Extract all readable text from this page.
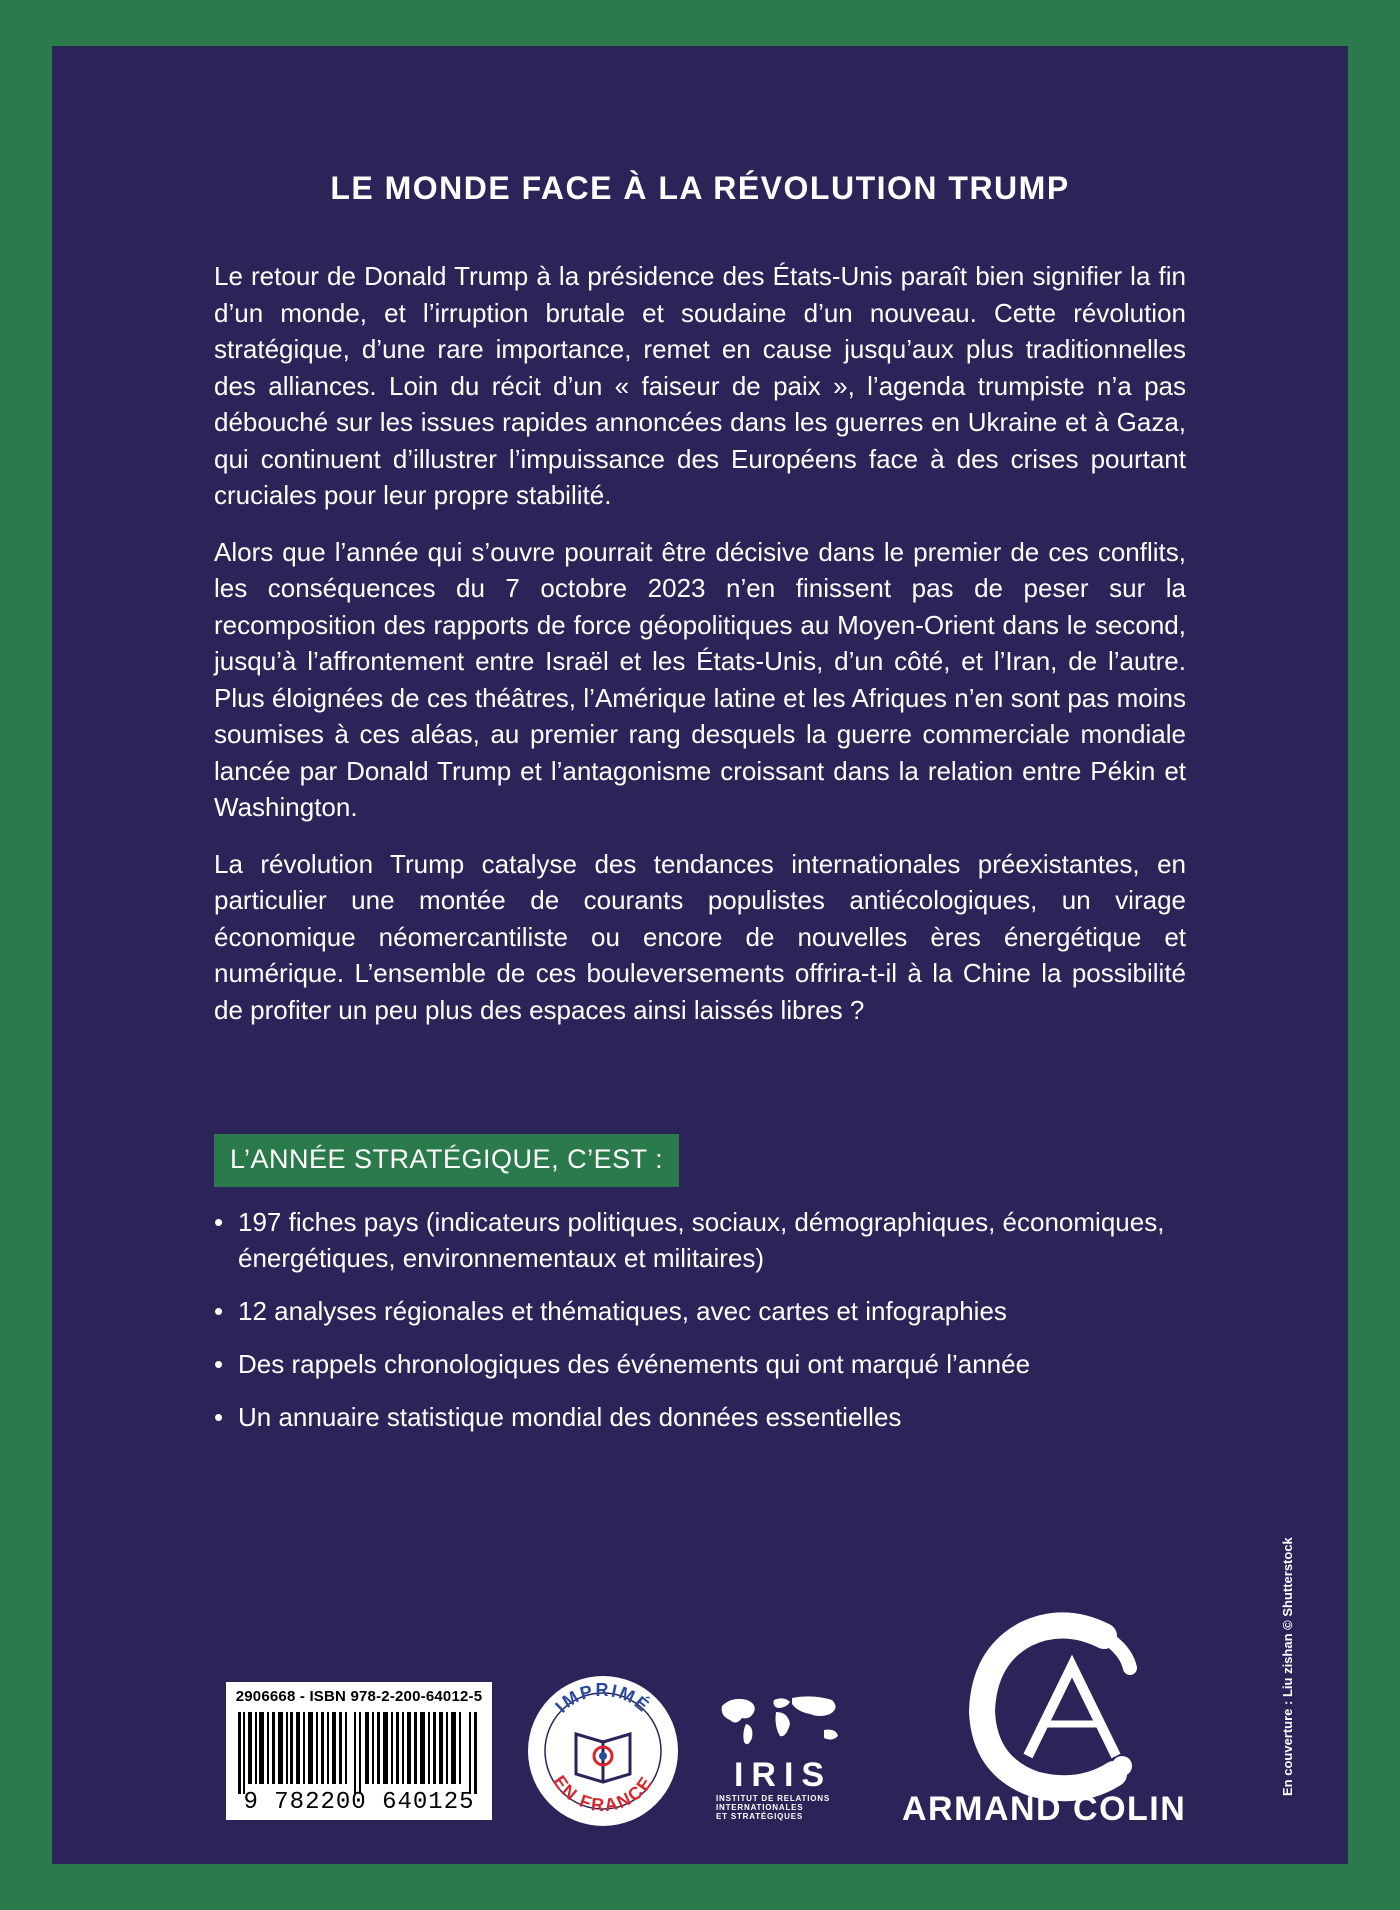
LE MONDE FACE À LA RÉVOLUTION TRUMP

Le retour de Donald Trump à la présidence des États-Unis paraît bien signifier la fin d’un monde, et l’irruption brutale et soudaine d’un nouveau. Cette révolution stratégique, d’une rare importance, remet en cause jusqu’aux plus traditionnelles des alliances. Loin du récit d’un « faiseur de paix », l’agenda trumpiste n’a pas débouché sur les issues rapides annoncées dans les guerres en Ukraine et à Gaza, qui continuent d’illustrer l’impuissance des Européens face à des crises pourtant cruciales pour leur propre stabilité.

Alors que l’année qui s’ouvre pourrait être décisive dans le premier de ces conflits, les conséquences du 7 octobre 2023 n’en finissent pas de peser sur la recomposition des rapports de force géopolitiques au Moyen-Orient dans le second, jusqu’à l’affrontement entre Israël et les États-Unis, d’un côté, et l’Iran, de l’autre. Plus éloignées de ces théâtres, l’Amérique latine et les Afriques n’en sont pas moins soumises à ces aléas, au premier rang desquels la guerre commerciale mondiale lancée par Donald Trump et l’antagonisme croissant dans la relation entre Pékin et Washington.

La révolution Trump catalyse des tendances internationales préexistantes, en particulier une montée de courants populistes antiécologiques, un virage économique néomercantiliste ou encore de nouvelles ères énergétique et numérique. L’ensemble de ces bouleversements offrira-t-il à la Chine la possibilité de profiter un peu plus des espaces ainsi laissés libres ?

L’ANNÉE STRATÉGIQUE, C’EST :
• 197 fiches pays (indicateurs politiques, sociaux, démographiques, économiques, énergétiques, environnementaux et militaires)
• 12 analyses régionales et thématiques, avec cartes et infographies
• Des rappels chronologiques des événements qui ont marqué l’année
• Un annuaire statistique mondial des données essentielles
2906668 - ISBN 978-2-200-64012-5
9 782200 640125
IMPRIMÉ
EN FRANCE	IRIS
INSTITUT DE RELATIONS
INTERNATIONALES
ET STRATÉGIQUES	ARMAND COLIN
En couverture : Liu zishan © Shutterstock
